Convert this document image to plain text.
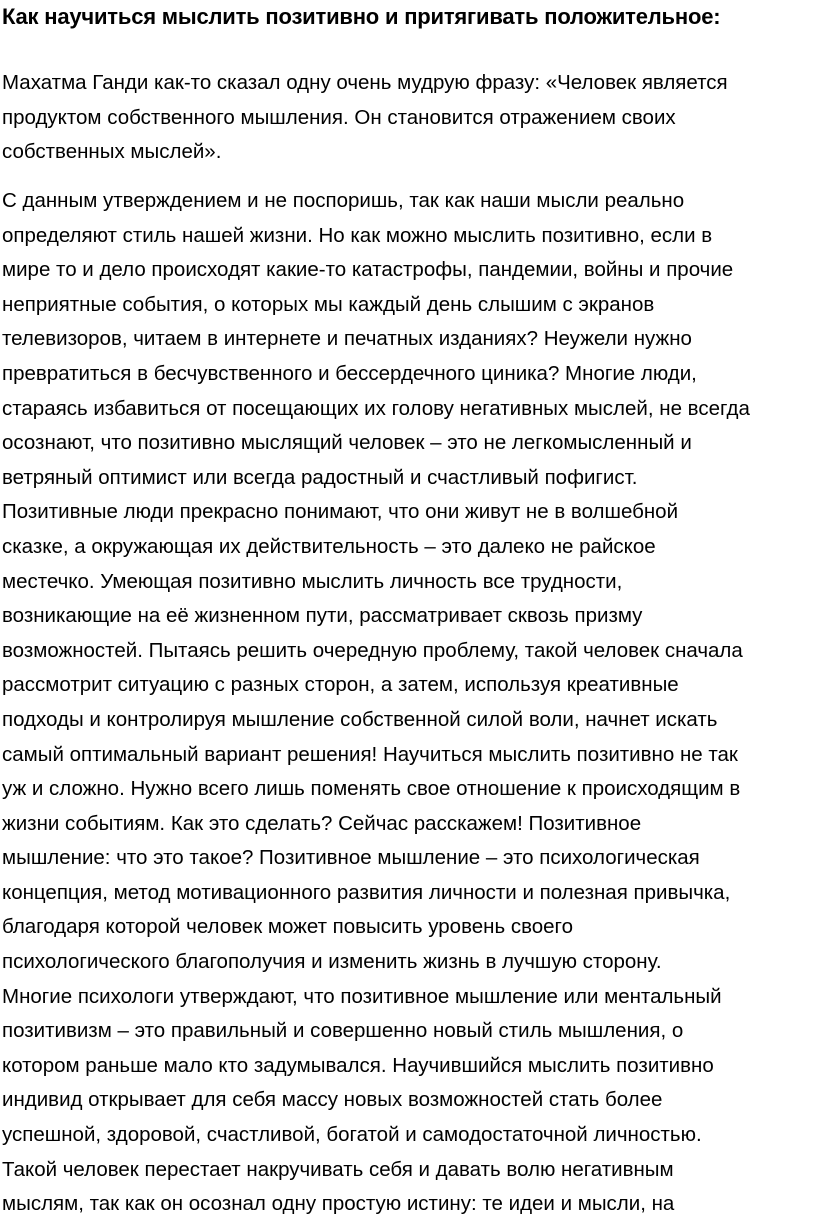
Как научиться мыслить позитивно и притягивать положительное:

Махатма Ганди как-то сказал одну очень мудрую фразу: «Человек является
продуктом собственного мышления. Он становится отражением своих
собственных мыслей».

С данным утверждением и не поспоришь, так как наши мысли реально
определяют стиль нашей жизни. Но как можно мыслить позитивно, если в
мире то и дело происходят какие-то катастрофы, пандемии, войны и прочие
неприятные события, о которых мы каждый день слышим с экранов
телевизоров, читаем в интернете и печатных изданиях? Неужели нужно
превратиться в бесчувственного и бессердечного циника? Многие люди,
стараясь избавиться от посещающих их голову негативных мыслей, не всегда
осознают, что позитивно мыслящий человек – это не легкомысленный и
ветряный оптимист или всегда радостный и счастливый пофигист.
Позитивные люди прекрасно понимают, что они живут не в волшебной
сказке, а окружающая их действительность – это далеко не райское
местечко. Умеющая позитивно мыслить личность все трудности,
возникающие на её жизненном пути, рассматривает сквозь призму
возможностей. Пытаясь решить очередную проблему, такой человек сначала
рассмотрит ситуацию с разных сторон, а затем, используя креативные
подходы и контролируя мышление собственной силой воли, начнет искать
самый оптимальный вариант решения! Научиться мыслить позитивно не так
уж и сложно. Нужно всего лишь поменять свое отношение к происходящим в
жизни событиям. Как это сделать? Сейчас расскажем! Позитивное
мышление: что это такое? Позитивное мышление – это психологическая
концепция, метод мотивационного развития личности и полезная привычка,
благодаря которой человек может повысить уровень своего
психологического благополучия и изменить жизнь в лучшую сторону.
Многие психологи утверждают, что позитивное мышление или ментальный
позитивизм – это правильный и совершенно новый стиль мышления, о
котором раньше мало кто задумывался. Научившийся мыслить позитивно
индивид открывает для себя массу новых возможностей стать более
успешной, здоровой, счастливой, богатой и самодостаточной личностью.
Такой человек перестает накручивать себя и давать волю негативным
мыслям, так как он осознал одну простую истину: те идеи и мысли, на
